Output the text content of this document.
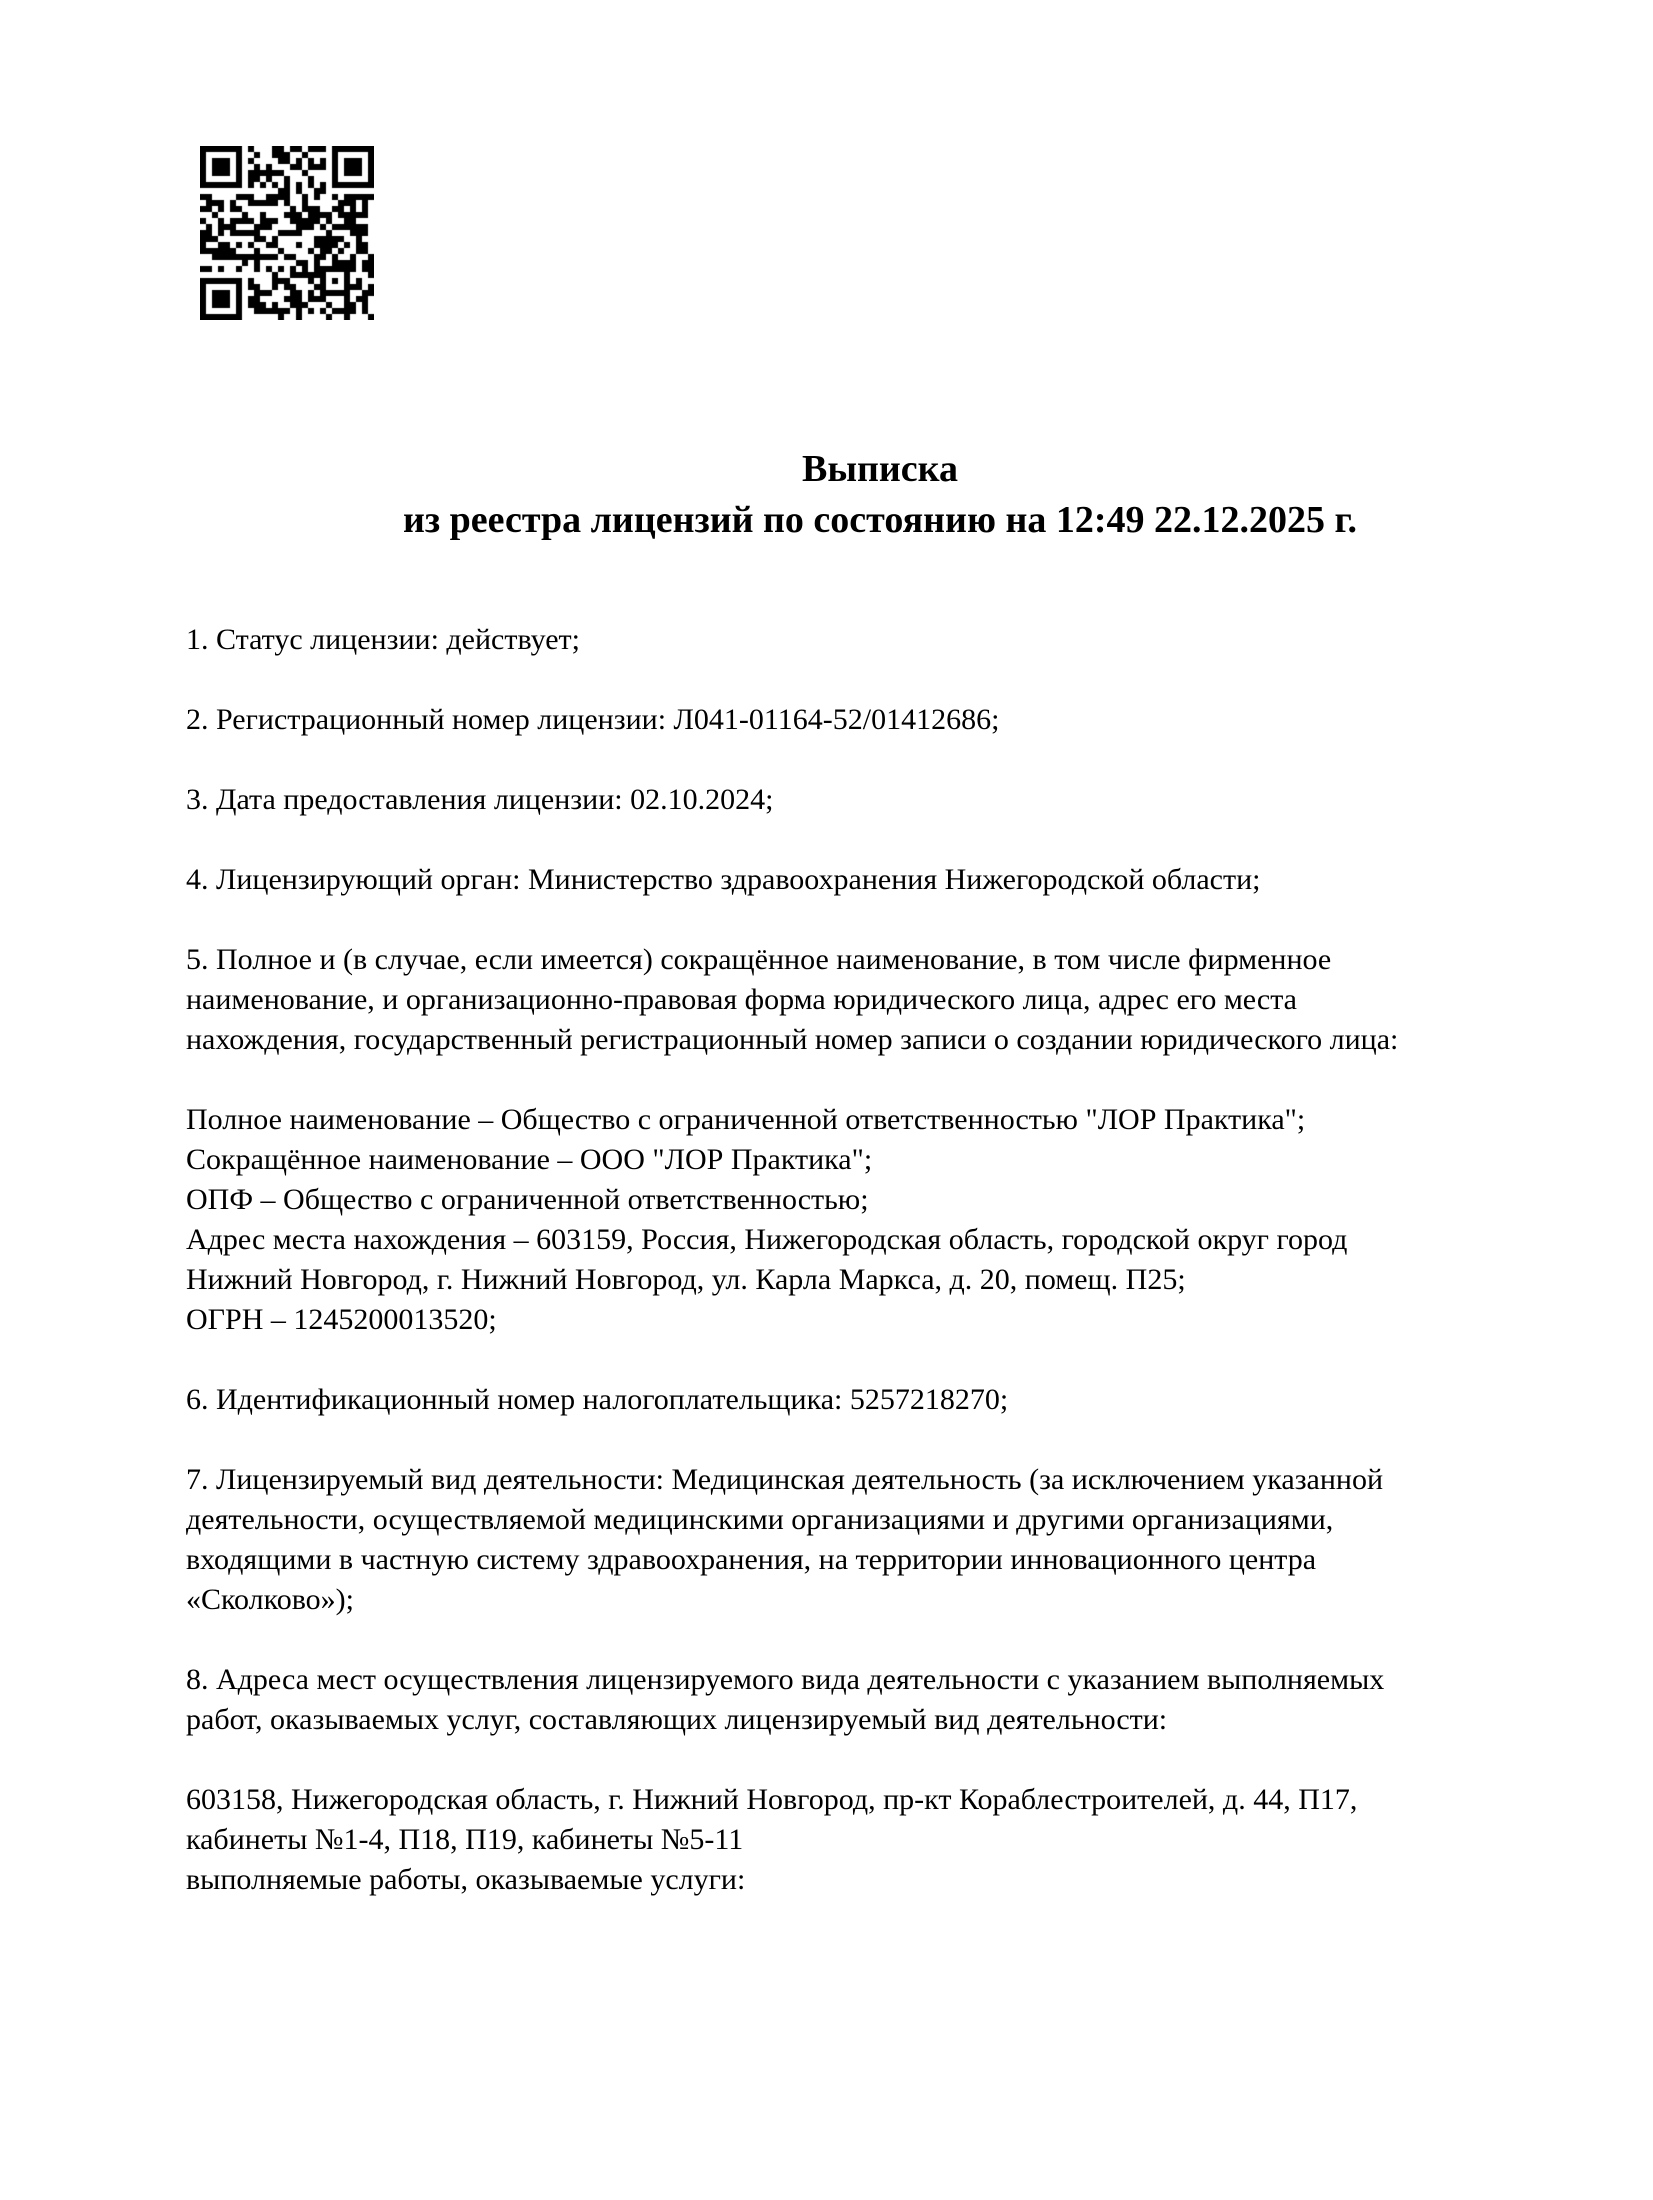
Выписка
из реестра лицензий по состоянию на 12:49 22.12.2025 г.
1. Статус лицензии: действует;
2. Регистрационный номер лицензии: Л041-01164-52/01412686;
3. Дата предоставления лицензии: 02.10.2024;
4. Лицензирующий орган: Министерство здравоохранения Нижегородской области;
5. Полное и (в случае, если имеется) сокращённое наименование, в том числе фирменное
наименование, и организационно-правовая форма юридического лица, адрес его места
нахождения, государственный регистрационный номер записи о создании юридического лица:
Полное наименование – Общество с ограниченной ответственностью "ЛОР Практика";
Сокращённое наименование – ООО "ЛОР Практика";
ОПФ – Общество с ограниченной ответственностью;
Адрес места нахождения – 603159, Россия, Нижегородская область, городской округ город
Нижний Новгород, г. Нижний Новгород, ул. Карла Маркса, д. 20, помещ. П25;
ОГРН – 1245200013520;
6. Идентификационный номер налогоплательщика: 5257218270;
7. Лицензируемый вид деятельности: Медицинская деятельность (за исключением указанной
деятельности, осуществляемой медицинскими организациями и другими организациями,
входящими в частную систему здравоохранения, на территории инновационного центра
«Сколково»);
8. Адреса мест осуществления лицензируемого вида деятельности с указанием выполняемых
работ, оказываемых услуг, составляющих лицензируемый вид деятельности:
603158, Нижегородская область, г. Нижний Новгород, пр-кт Кораблестроителей, д. 44, П17,
кабинеты №1-4, П18, П19, кабинеты №5-11
выполняемые работы, оказываемые услуги:
